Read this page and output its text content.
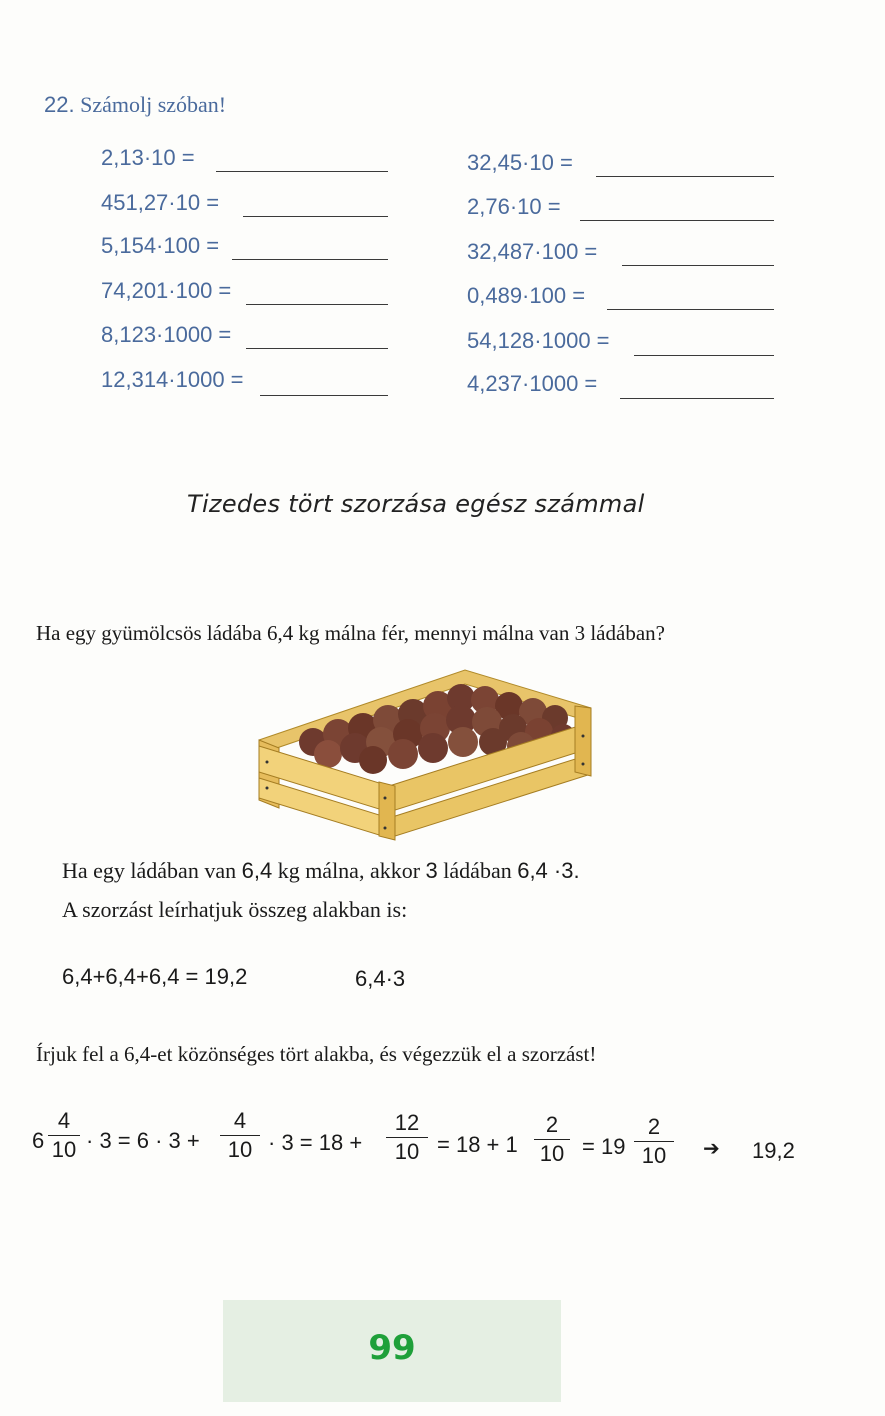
22. Számolj szóban!
2,13·10 =
451,27·10 =
5,154·100 =
74,201·100 =
8,123·1000 =
12,314·1000 =
32,45·10 =
2,76·10 =
32,487·100 =
0,489·100 =
54,128·1000 =
4,237·1000 =
Tizedes tört szorzása egész számmal
Ha egy gyümölcsös ládába 6,4 kg málna fér, mennyi málna van 3 ládában?
Ha egy ládában van 6,4 kg málna, akkor 3 ládában 6,4 ·3.
A szorzást leírhatjuk összeg alakban is:
6,4+6,4+6,4 = 19,2	6,4·3
Írjuk fel a 6,4-et közönséges tört alakba, és végezzük el a szorzást!
6
4
10 · 3 = 6 · 3 +
4
10 · 3 = 18 +
12
10 = 18 + 1
2
10 = 19
2
10	➔ 19,2
99
